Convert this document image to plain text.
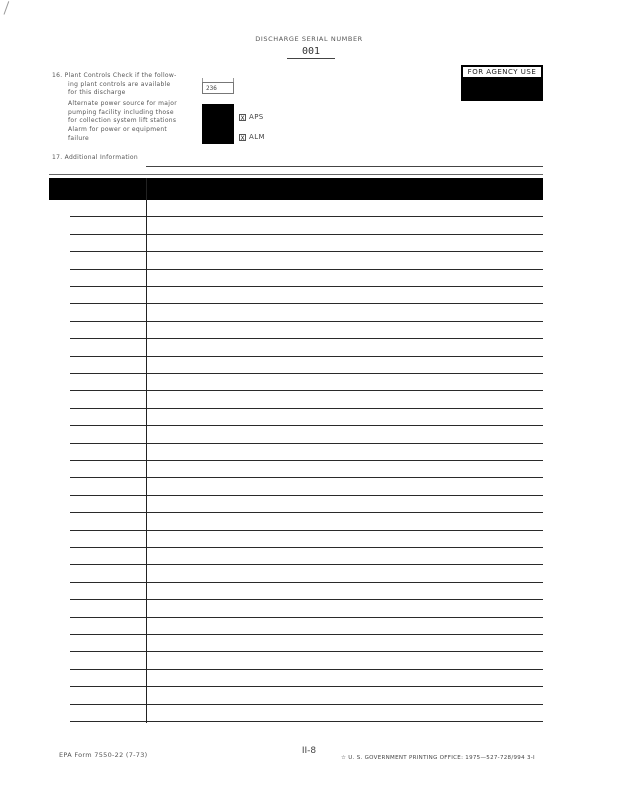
DISCHARGE SERIAL NUMBER
001
FOR AGENCY USE
16. Plant Controls Check if the follow-
ing plant controls are available
for this discharge
236
Alternate power source for major
pumping facility including those
for collection system lift stations
Alarm for power or equipment
failure
X APS
X ALM
17. Additional Information
EPA Form 7550-22 (7-73)	II-8
☆ U. S. GOVERNMENT PRINTING OFFICE: 1975—527-728/994 3-I
